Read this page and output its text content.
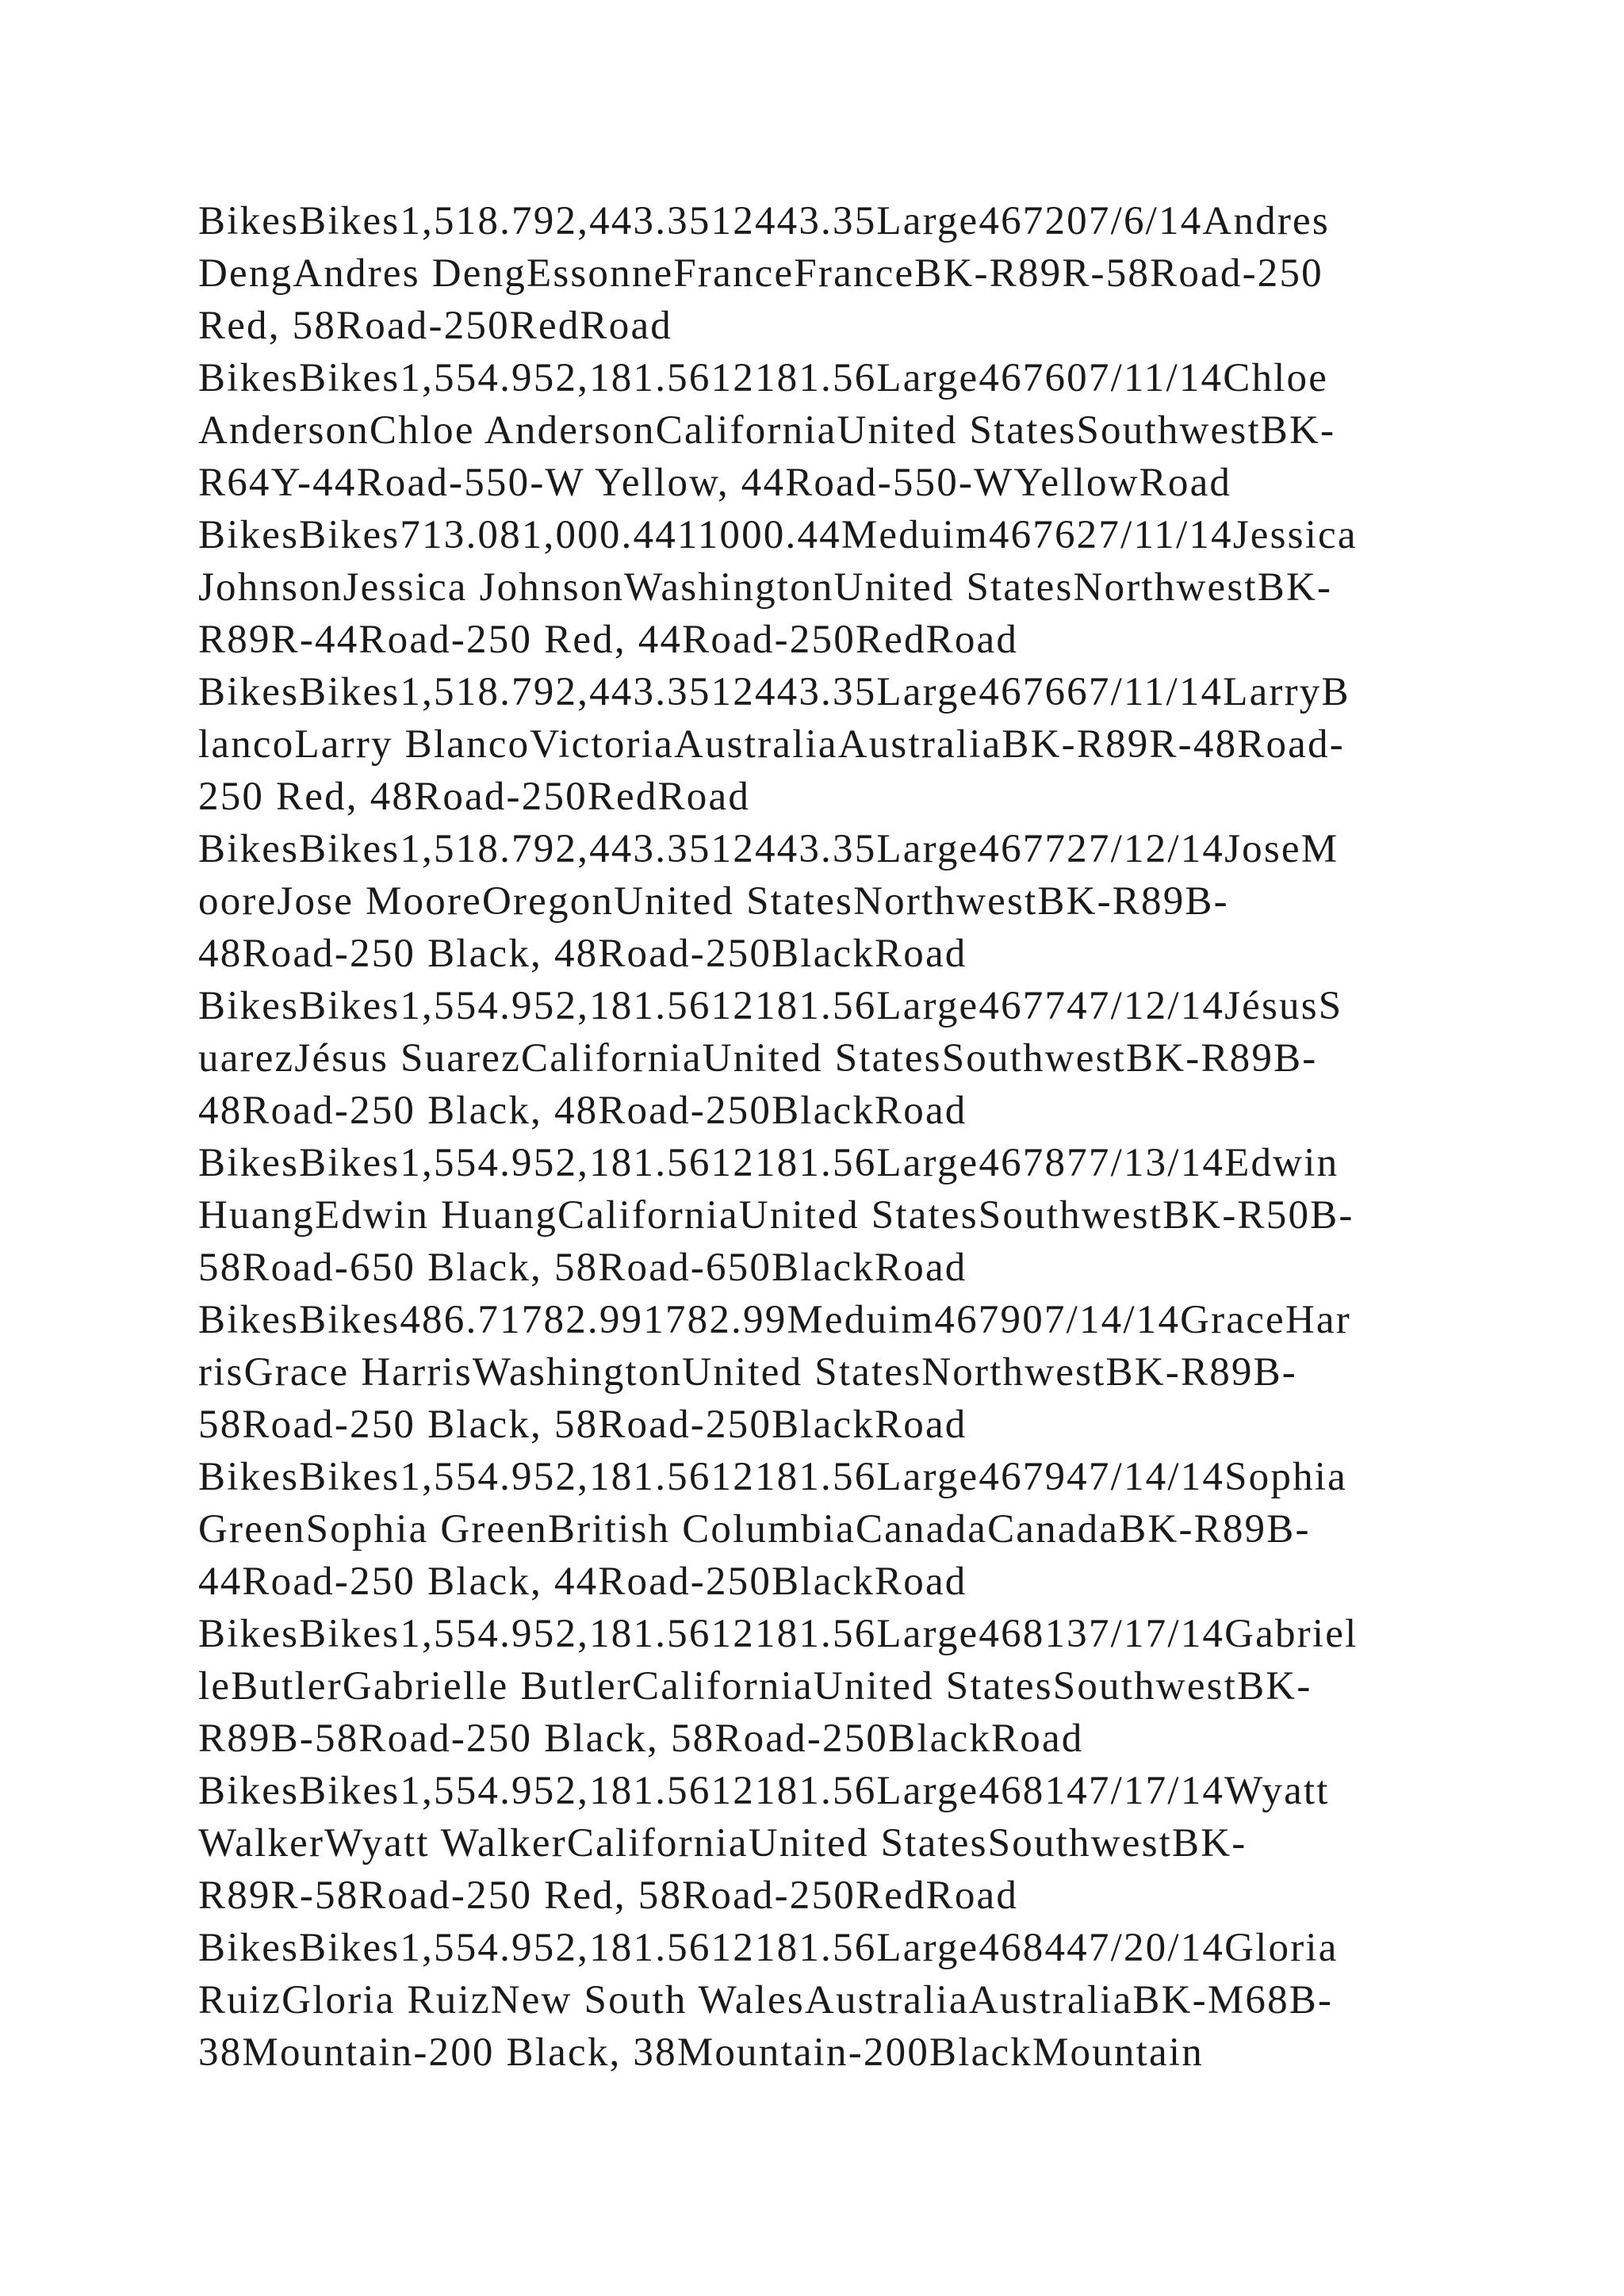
BikesBikes1,518.792,443.3512443.35Large467207/6/14Andres
DengAndres DengEssonneFranceFranceBK-R89R-58Road-250
Red, 58Road-250RedRoad
BikesBikes1,554.952,181.5612181.56Large467607/11/14Chloe
AndersonChloe AndersonCaliforniaUnited StatesSouthwestBK-
R64Y-44Road-550-W Yellow, 44Road-550-WYellowRoad
BikesBikes713.081,000.4411000.44Meduim467627/11/14Jessica
JohnsonJessica JohnsonWashingtonUnited StatesNorthwestBK-
R89R-44Road-250 Red, 44Road-250RedRoad
BikesBikes1,518.792,443.3512443.35Large467667/11/14LarryB
lancoLarry BlancoVictoriaAustraliaAustraliaBK-R89R-48Road-
250 Red, 48Road-250RedRoad
BikesBikes1,518.792,443.3512443.35Large467727/12/14JoseM
ooreJose MooreOregonUnited StatesNorthwestBK-R89B-
48Road-250 Black, 48Road-250BlackRoad
BikesBikes1,554.952,181.5612181.56Large467747/12/14JésusS
uarezJésus SuarezCaliforniaUnited StatesSouthwestBK-R89B-
48Road-250 Black, 48Road-250BlackRoad
BikesBikes1,554.952,181.5612181.56Large467877/13/14Edwin
HuangEdwin HuangCaliforniaUnited StatesSouthwestBK-R50B-
58Road-650 Black, 58Road-650BlackRoad
BikesBikes486.71782.991782.99Meduim467907/14/14GraceHar
risGrace HarrisWashingtonUnited StatesNorthwestBK-R89B-
58Road-250 Black, 58Road-250BlackRoad
BikesBikes1,554.952,181.5612181.56Large467947/14/14Sophia
GreenSophia GreenBritish ColumbiaCanadaCanadaBK-R89B-
44Road-250 Black, 44Road-250BlackRoad
BikesBikes1,554.952,181.5612181.56Large468137/17/14Gabriel
leButlerGabrielle ButlerCaliforniaUnited StatesSouthwestBK-
R89B-58Road-250 Black, 58Road-250BlackRoad
BikesBikes1,554.952,181.5612181.56Large468147/17/14Wyatt
WalkerWyatt WalkerCaliforniaUnited StatesSouthwestBK-
R89R-58Road-250 Red, 58Road-250RedRoad
BikesBikes1,554.952,181.5612181.56Large468447/20/14Gloria
RuizGloria RuizNew South WalesAustraliaAustraliaBK-M68B-
38Mountain-200 Black, 38Mountain-200BlackMountain
